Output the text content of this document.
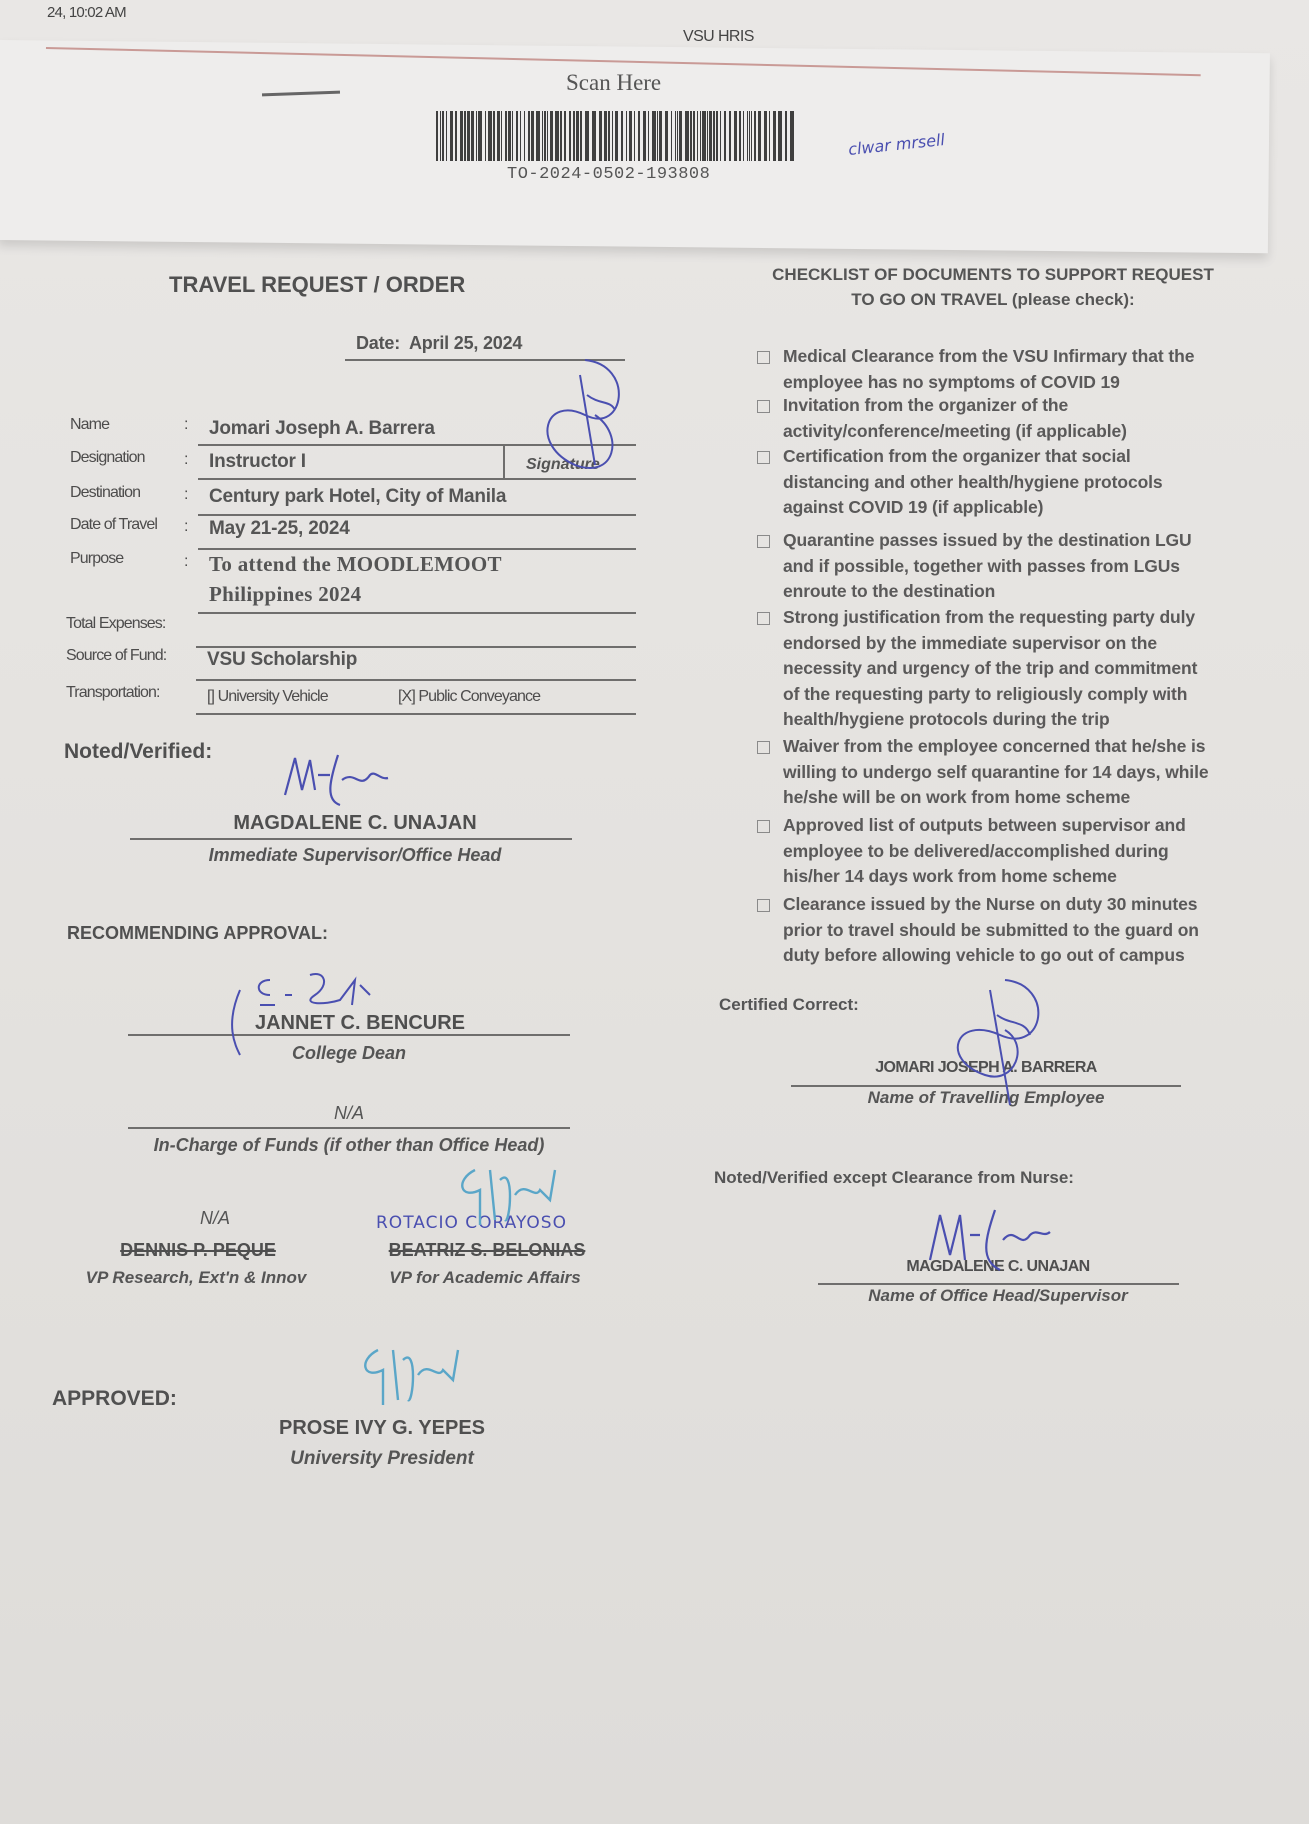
24, 10:02 AM
VSU HRIS
Scan Here
TO-2024-0502-193808
clwar mrsell
TRAVEL REQUEST / ORDER
Date: April 25, 2024
Name	: Jomari Joseph A. Barrera
Designation : Instructor I	Signature
Destination	: Century park Hotel, City of Manila
Date of Travel : May 21-25, 2024
Purpose	: To attend the MOODLEMOOT
Philippines 2024
Total Expenses:
Source of Fund: VSU Scholarship
Transportation:	[] University Vehicle	[X] Public Conveyance
Noted/Verified:
MAGDALENE C. UNAJAN
Immediate Supervisor/Office Head
RECOMMENDING APPROVAL:
JANNET C. BENCURE
College Dean
N/A
In-Charge of Funds (if other than Office Head)
N/A
DENNIS P. PEQUE
VP Research, Ext'n & Innov
ROTACIO CORAYOSO
BEATRIZ S. BELONIAS
VP for Academic Affairs
APPROVED:
PROSE IVY G. YEPES
University President
CHECKLIST OF DOCUMENTS TO SUPPORT REQUEST
TO GO ON TRAVEL (please check):
Medical Clearance from the VSU Infirmary that the
employee has no symptoms of COVID 19
Invitation from the organizer of the
activity/conference/meeting (if applicable)
Certification from the organizer that social
distancing and other health/hygiene protocols
against COVID 19 (if applicable)
Quarantine passes issued by the destination LGU
and if possible, together with passes from LGUs
enroute to the destination
Strong justification from the requesting party duly
endorsed by the immediate supervisor on the
necessity and urgency of the trip and commitment
of the requesting party to religiously comply with
health/hygiene protocols during the trip
Waiver from the employee concerned that he/she is
willing to undergo self quarantine for 14 days, while
he/she will be on work from home scheme
Approved list of outputs between supervisor and
employee to be delivered/accomplished during
his/her 14 days work from home scheme
Clearance issued by the Nurse on duty 30 minutes
prior to travel should be submitted to the guard on
duty before allowing vehicle to go out of campus
Certified Correct:
JOMARI JOSEPH A. BARRERA
Name of Travelling Employee
Noted/Verified except Clearance from Nurse:
MAGDALENE C. UNAJAN
Name of Office Head/Supervisor
